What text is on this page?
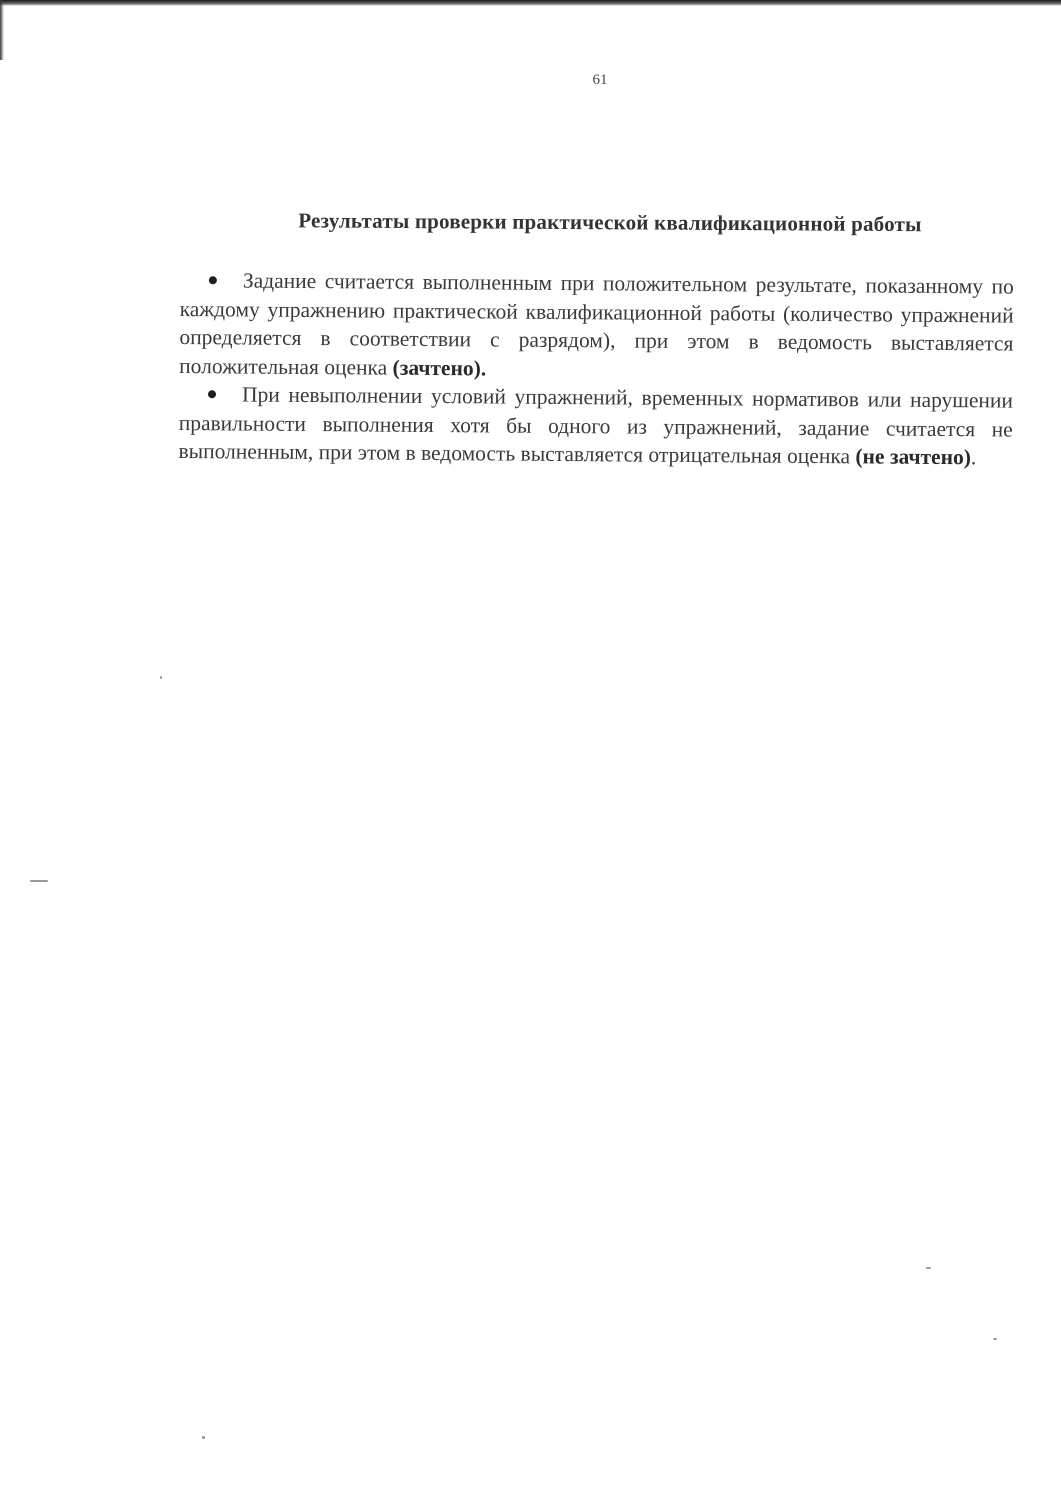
61
Результаты проверки практической квалификационной работы
Задание считается выполненным при положительном результате, показанному по каждому упражнению практической квалификационной работы (количество упражнений определяется в соответствии с разрядом), при этом в ведомость выставляется положительная оценка (зачтено).
При невыполнении условий упражнений, временных нормативов или нарушении правильности выполнения хотя бы одного из упражнений, задание считается не выполненным, при этом в ведомость выставляется отрицательная оценка (не зачтено).
